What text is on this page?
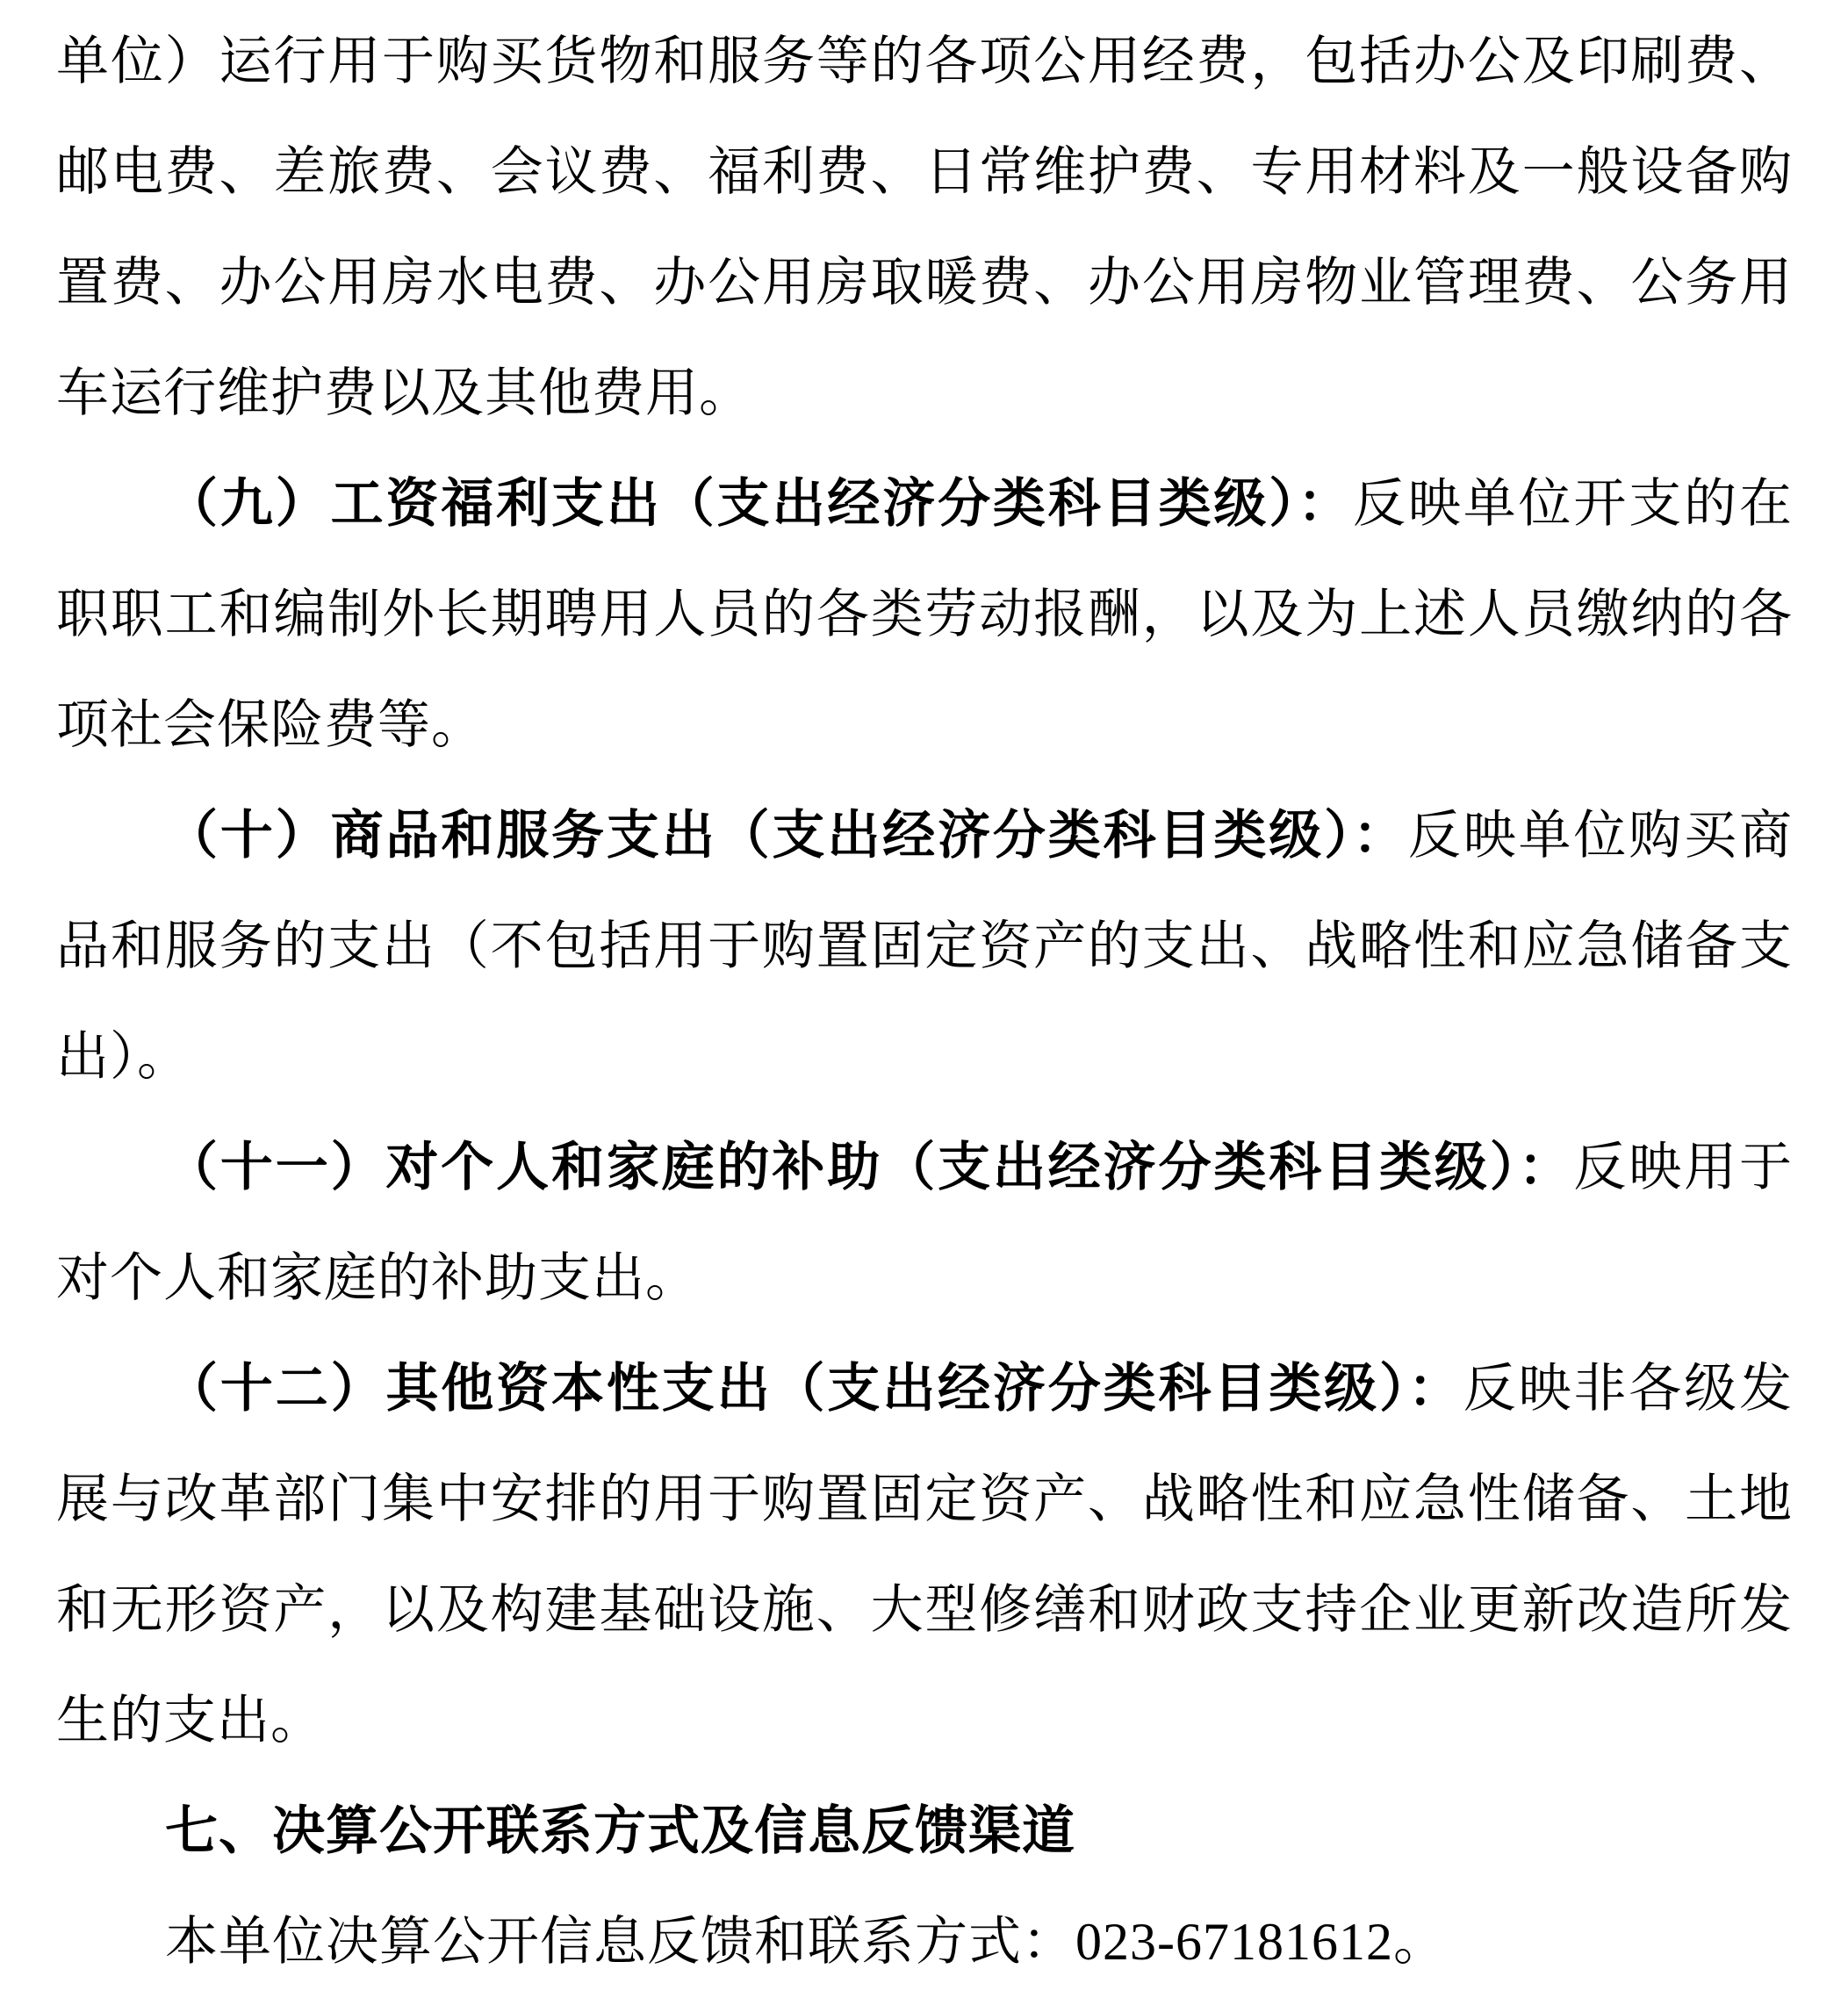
单位）运行用于购买货物和服务等的各项公用经费，包括办公及印刷费、邮电费、差旅费、会议费、福利费、日常维护费、专用材料及一般设备购置费、办公用房水电费、办公用房取暖费、办公用房物业管理费、公务用车运行维护费以及其他费用。

（九）工资福利支出（支出经济分类科目类级）：反映单位开支的在职职工和编制外长期聘用人员的各类劳动报酬，以及为上述人员缴纳的各项社会保险费等。

（十）商品和服务支出（支出经济分类科目类级）：反映单位购买商品和服务的支出（不包括用于购置固定资产的支出、战略性和应急储备支出）。

（十一）对个人和家庭的补助（支出经济分类科目类级）：反映用于对个人和家庭的补助支出。

（十二）其他资本性支出（支出经济分类科目类级）：反映非各级发展与改革部门集中安排的用于购置固定资产、战略性和应急性储备、土地和无形资产，以及构建基础设施、大型修缮和财政支持企业更新改造所发生的支出。

七、决算公开联系方式及信息反馈渠道

本单位决算公开信息反馈和联系方式：023-67181612。
